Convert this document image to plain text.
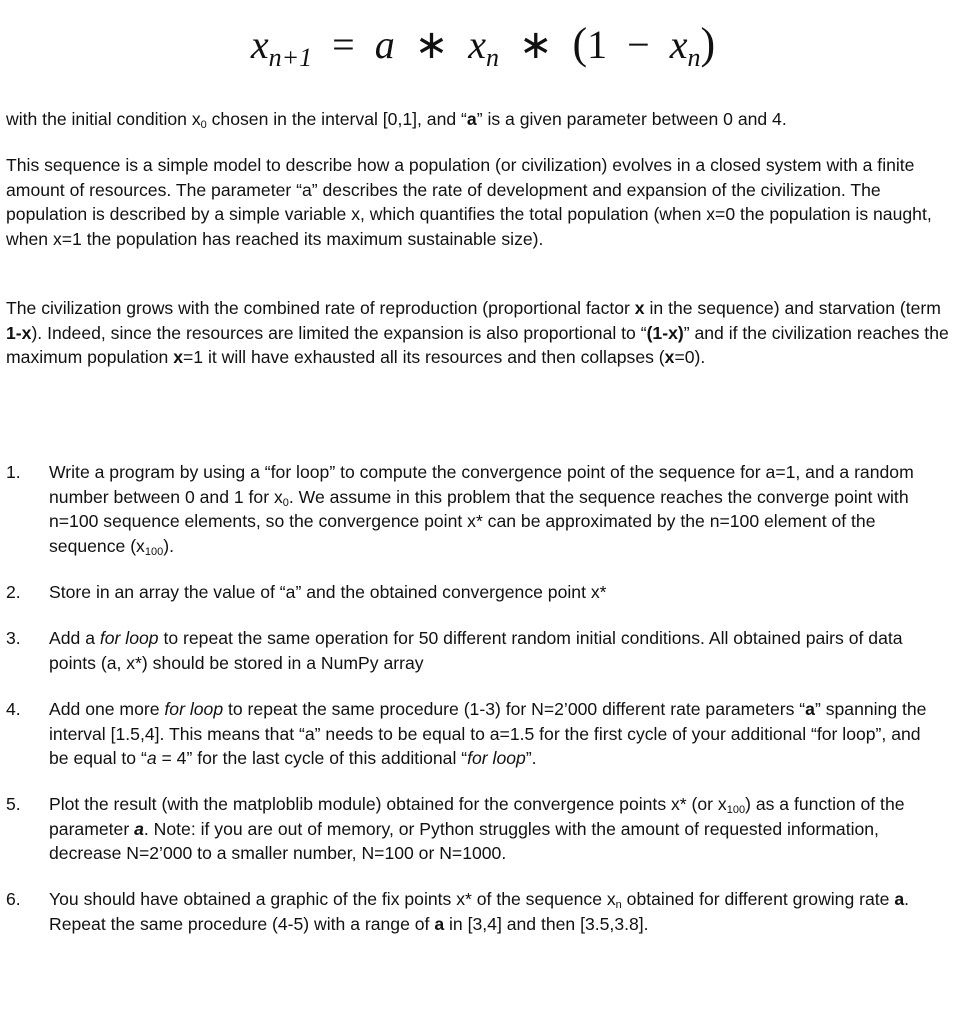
$x_{n+1} = a$ ∗ $x_n$ ∗ $(1 - x_n)$

with the initial condition $x_0$ chosen in the interval [0,1], and “a” is a given parameter between 0 and 4.

This sequence is a simple model to describe how a population (or civilization) evolves in a closed system with a finite amount of resources. The parameter “a” describes the rate of development and expansion of the civilization. The population is described by a simple variable x, which quantifies the total population (when x=0 the population is naught, when x=1 the population has reached its maximum sustainable size).

The civilization grows with the combined rate of reproduction (proportional factor x in the sequence) and starvation (term 1-x). Indeed, since the resources are limited the expansion is also proportional to “(1-x)” and if the civilization reaches the maximum population x=1 it will have exhausted all its resources and then collapses (x=0).

1.	Write a program by using a “for loop” to compute the convergence point of the sequence for a=1, and a random number between 0 and 1 for $x_0$. We assume in this problem that the sequence reaches the converge point with n=100 sequence elements, so the convergence point x* can be approximated by the n=100 element of the sequence $(x_{100})$.
2.	Store in an array the value of “a” and the obtained convergence point x*
3.	Add a for loop to repeat the same operation for 50 different random initial conditions. All obtained pairs of data points (a, x*) should be stored in a NumPy array
4.	Add one more for loop to repeat the same procedure (1-3) for N=2’000 different rate parameters “a” spanning the interval [1.5,4]. This means that “a” needs to be equal to a=1.5 for the first cycle of your additional “for loop”, and be equal to “a = 4” for the last cycle of this additional “for loop”.
5.	Plot the result (with the matploblib module) obtained for the convergence points x* (or $x_{100}$) as a function of the parameter a. Note: if you are out of memory, or Python struggles with the amount of requested information, decrease N=2’000 to a smaller number, N=100 or N=1000.
6.	You should have obtained a graphic of the fix points x* of the sequence $x_n$ obtained for different growing rate a. Repeat the same procedure (4-5) with a range of a in [3,4] and then [3.5,3.8].
